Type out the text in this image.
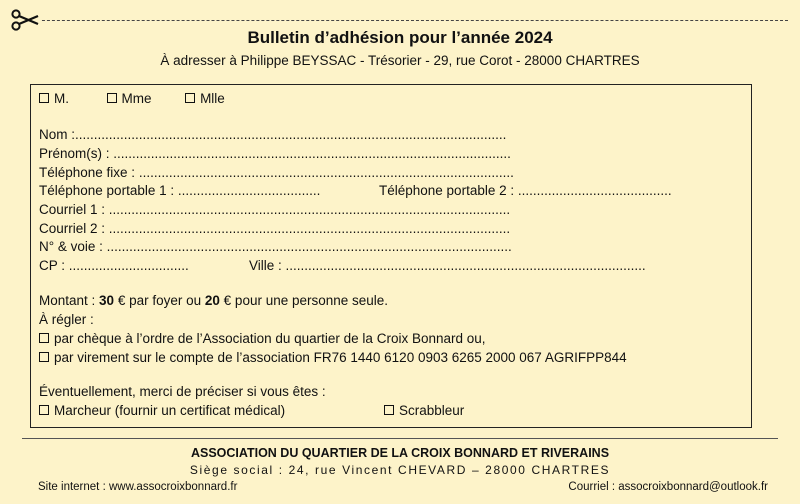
Bulletin d’adhésion pour l’année 2024
À adresser à Philippe BEYSSAC - Trésorier - 29, rue Corot - 28000 CHARTRES
M.	Mme	Mlle
Nom :...................................................................................................................
Prénom(s) : ..........................................................................................................
Téléphone fixe : ....................................................................................................
Téléphone portable 1 : ......................................	Téléphone portable 2 : .........................................
Courriel 1 : ...........................................................................................................
Courriel 2 : ...........................................................................................................
N° & voie : ............................................................................................................
CP : ................................	Ville : ................................................................................................
Montant : 30 € par foyer ou 20 € pour une personne seule.
À régler :
par chèque à l’ordre de l’Association du quartier de la Croix Bonnard ou,
par virement sur le compte de l’association FR76 1440 6120 0903 6265 2000 067 AGRIFPP844
Éventuellement, merci de préciser si vous êtes :
Marcheur (fournir un certificat médical)	Scrabbleur
ASSOCIATION DU QUARTIER DE LA CROIX BONNARD ET RIVERAINS
Siège social : 24, rue Vincent CHEVARD – 28000 CHARTRES
Site internet : www.assocroixbonnard.fr	Courriel : assocroixbonnard@outlook.fr
